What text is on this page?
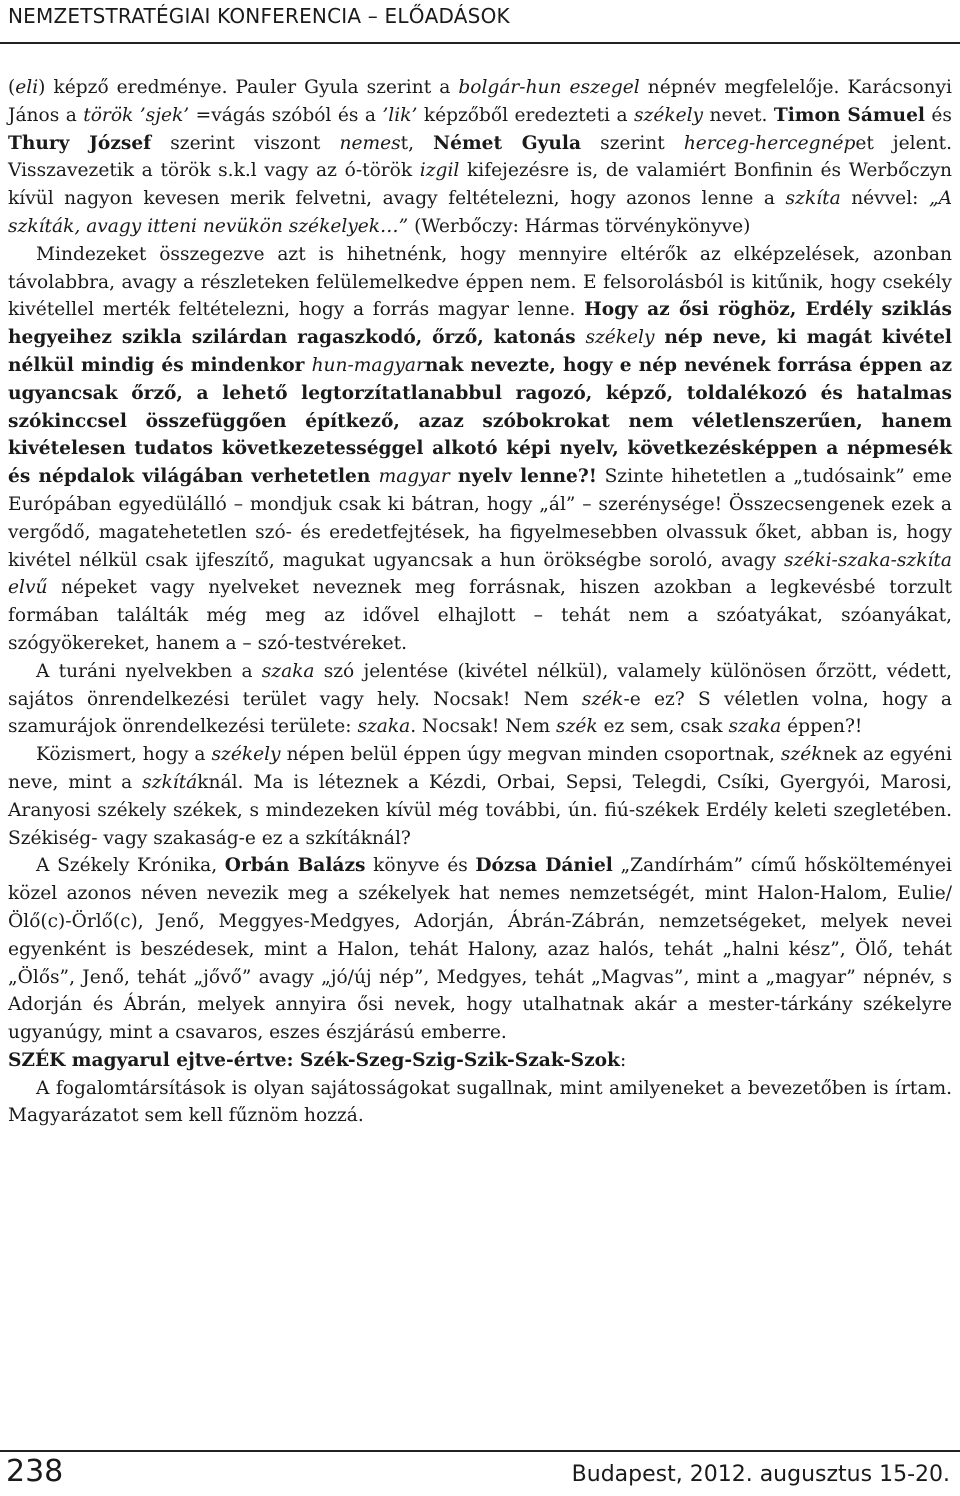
NEMZETSTRATÉGIAI KONFERENCIA – ELŐADÁSOK

(eli) képző eredménye. Pauler Gyula szerint a bolgár-hun eszegel népnév megfelelője. Karácsonyi János a török ’sjek’ =vágás szóból és a ’lik’ képzőből eredezteti a székely nevet. Timon Sámuel és Thury József szerint viszont nemest, Német Gyula szerint herceg-hercegnépet jelent. Visszavezetik a török s.k.l vagy az ó-török izgil kifejezésre is, de valamiért Bonfinin és Werbőczyn kívül nagyon kevesen merik felvetni, avagy feltételezni, hogy azonos lenne a szkíta névvel: „A szkíták, avagy itteni nevükön székelyek…” (Werbőczy: Hármas törvénykönyve)

Mindezeket összegezve azt is hihetnénk, hogy mennyire eltérők az elképzelések, azonban távolabbra, avagy a részleteken felülemelkedve éppen nem. E felsorolásból is kitűnik, hogy csekély kivétellel merték feltételezni, hogy a forrás magyar lenne. Hogy az ősi röghöz, Erdély sziklás hegyeihez szikla szilárdan ragaszkodó, őrző, katonás székely nép neve, ki magát kivétel nélkül mindig és mindenkor hun-magyarnak nevezte, hogy e nép nevének forrása éppen az ugyancsak őrző, a lehető legtorzítatlanabbul ragozó, képző, toldalékozó és hatalmas szókinccsel összefüggően építkező, azaz szóbokrokat nem véletlenszerűen, hanem kivételesen tudatos következetességgel alkotó képi nyelv, következésképpen a népmesék és népdalok világában verhetetlen magyar nyelv lenne?! Szinte hihetetlen a „tudósaink” eme Európában egyedülálló – mondjuk csak ki bátran, hogy „ál” – szerénysége! Összecsengenek ezek a vergődő, magatehetetlen szó- és eredetfejtések, ha figyelmesebben olvassuk őket, abban is, hogy kivétel nélkül csak ijfeszítő, magukat ugyancsak a hun örökségbe soroló, avagy széki-szaka-szkíta elvű népeket vagy nyelveket neveznek meg forrásnak, hiszen azokban a legkevésbé torzult formában találták még meg az idővel elhajlott – tehát nem a szóatyákat, szóanyákat, szógyökereket, hanem a – szó-testvéreket.

A turáni nyelvekben a szaka szó jelentése (kivétel nélkül), valamely különösen őrzött, védett, sajátos önrendelkezési terület vagy hely. Nocsak! Nem szék-e ez? S véletlen volna, hogy a szamurájok önrendelkezési területe: szaka. Nocsak! Nem szék ez sem, csak szaka éppen?!

Közismert, hogy a székely népen belül éppen úgy megvan minden csoportnak, széknek az egyéni neve, mint a szkítáknál. Ma is léteznek a Kézdi, Orbai, Sepsi, Telegdi, Csíki, Gyergyói, Marosi, Aranyosi székely székek, s mindezeken kívül még további, ún. fiú-székek Erdély keleti szegletében. Székiség- vagy szakaság-e ez a szkítáknál?

A Székely Krónika, Orbán Balázs könyve és Dózsa Dániel „Zandírhám” című hőskölteményei közel azonos néven nevezik meg a székelyek hat nemes nemzetségét, mint Halon-Halom, Eulie/Ölő(c)-Örlő(c), Jenő, Meggyes-Medgyes, Adorján, Ábrán-Zábrán, nemzetségeket, melyek nevei egyenként is beszédesek, mint a Halon, tehát Halony, azaz halós, tehát „halni kész”, Ölő, tehát „Ölős”, Jenő, tehát „jővő” avagy „jó/új nép”, Medgyes, tehát „Magvas”, mint a „magyar” népnév, s Adorján és Ábrán, melyek annyira ősi nevek, hogy utalhatnak akár a mester-tárkány székelyre ugyanúgy, mint a csavaros, eszes észjárású emberre.

SZÉK magyarul ejtve-értve: Szék-Szeg-Szig-Szik-Szak-Szok:

A fogalomtársítások is olyan sajátosságokat sugallnak, mint amilyeneket a bevezetőben is írtam. Magyarázatot sem kell fűznöm hozzá.

238	Budapest, 2012. augusztus 15-20.
